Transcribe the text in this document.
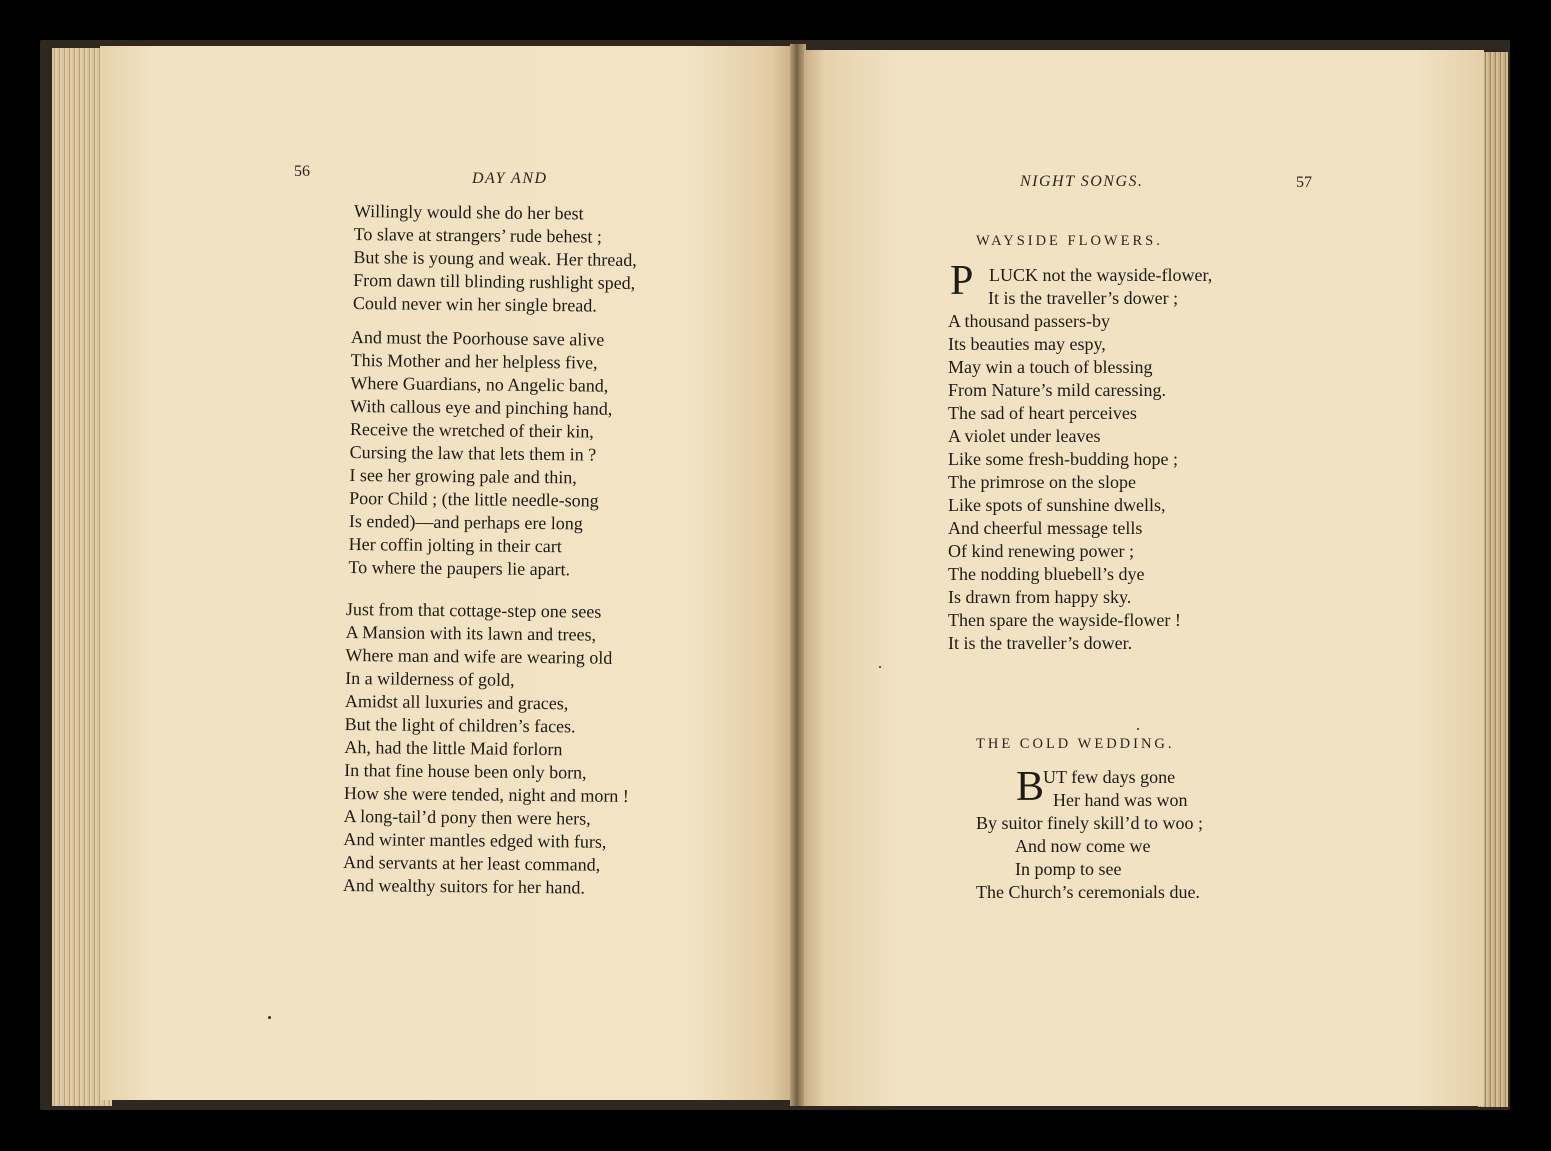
56	DAY AND
Willingly would she do her best
To slave at strangers’ rude behest ;
But she is young and weak. Her thread,
From dawn till blinding rushlight sped,
Could never win her single bread.
And must the Poorhouse save alive
This Mother and her helpless five,
Where Guardians, no Angelic band,
With callous eye and pinching hand,
Receive the wretched of their kin,
Cursing the law that lets them in ?
I see her growing pale and thin,
Poor Child ; (the little needle-song
Is ended)—and perhaps ere long
Her coffin jolting in their cart
To where the paupers lie apart.
Just from that cottage-step one sees
A Mansion with its lawn and trees,
Where man and wife are wearing old
In a wilderness of gold,
Amidst all luxuries and graces,
But the light of children’s faces.
Ah, had the little Maid forlorn
In that fine house been only born,
How she were tended, night and morn !
A long-tail’d pony then were hers,
And winter mantles edged with furs,
And servants at her least command,
And wealthy suitors for her hand.
NIGHT SONGS.	57
WAYSIDE FLOWERS.
P LUCK not the wayside-flower,
It is the traveller’s dower ;
A thousand passers-by
Its beauties may espy,
May win a touch of blessing
From Nature’s mild caressing.
The sad of heart perceives
A violet under leaves
Like some fresh-budding hope ;
The primrose on the slope
Like spots of sunshine dwells,
And cheerful message tells
Of kind renewing power ;
The nodding bluebell’s dye
Is drawn from happy sky.
Then spare the wayside-flower !
It is the traveller’s dower.
THE COLD WEDDING.
B
UT few days gone
Her hand was won
By suitor finely skill’d to woo ;
And now come we
In pomp to see
The Church’s ceremonials due.
